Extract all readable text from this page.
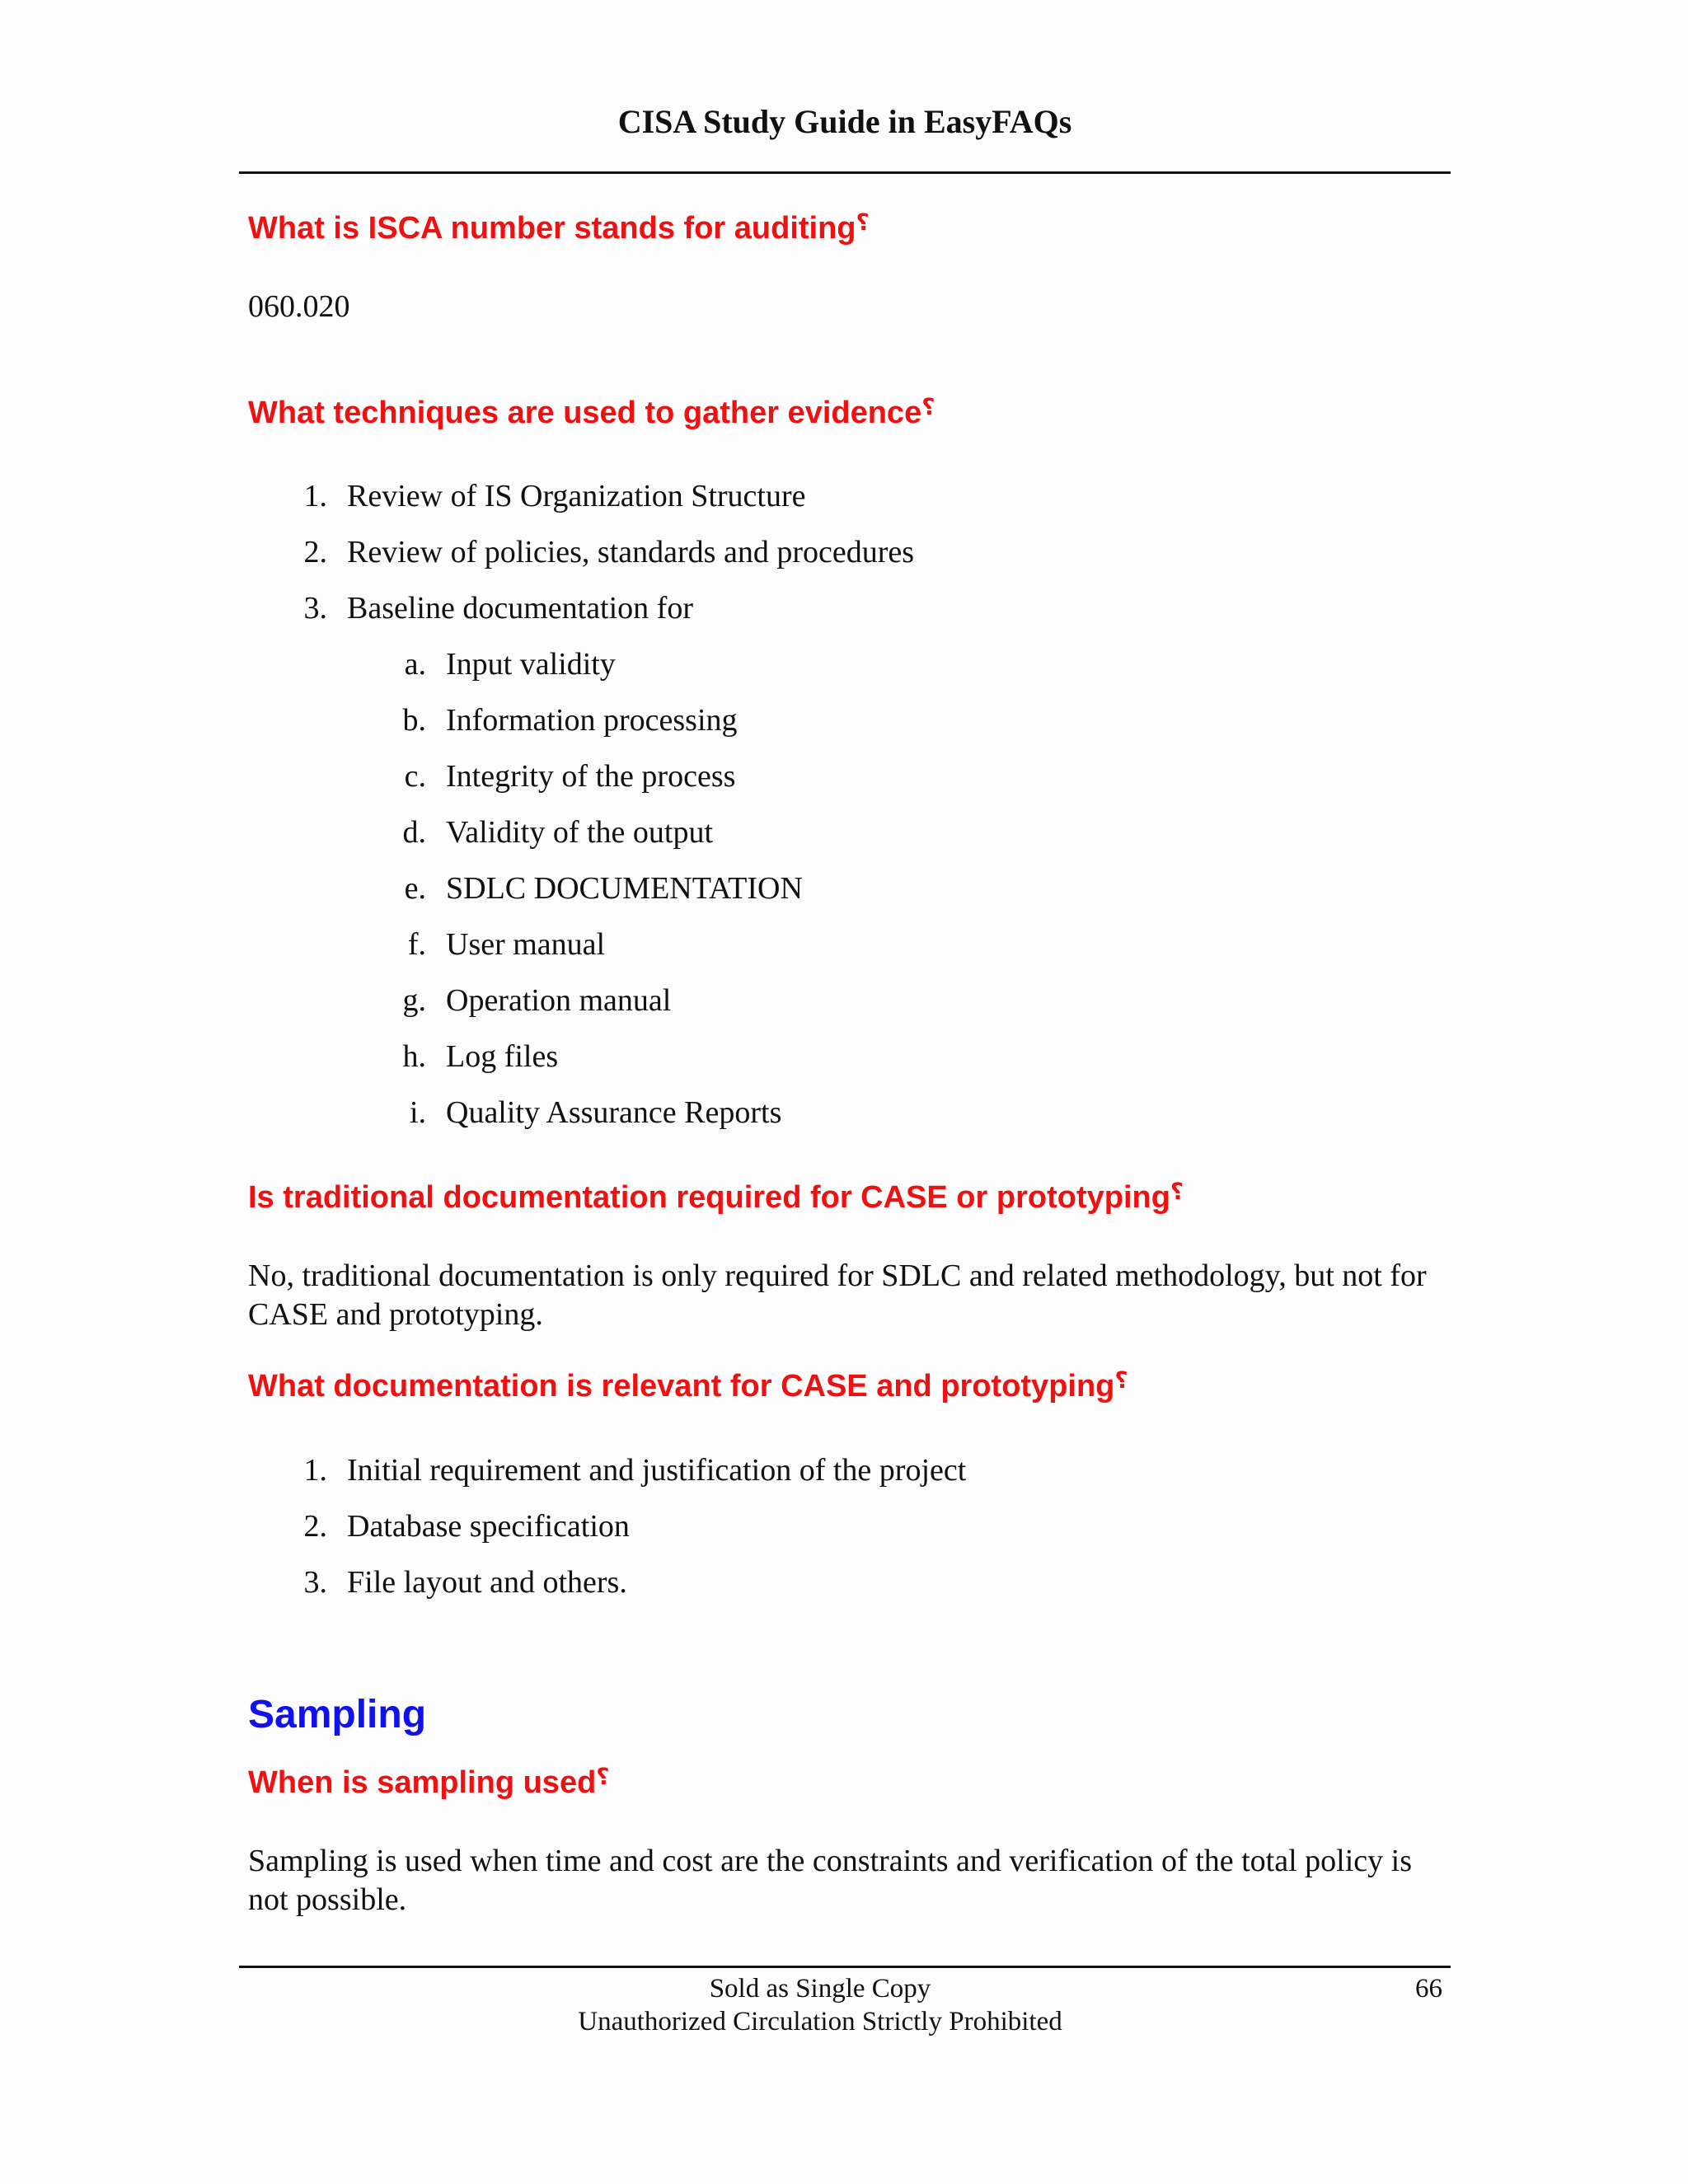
CISA Study Guide in EasyFAQs

What is ISCA number stands for auditing؟

060.020

What techniques are used to gather evidence؟

1. Review of IS Organization Structure
2. Review of policies, standards and procedures
3. Baseline documentation for
a. Input validity
b. Information processing
c. Integrity of the process
d. Validity of the output
e. SDLC DOCUMENTATION
f. User manual
g. Operation manual
h. Log files
i. Quality Assurance Reports

Is traditional documentation required for CASE or prototyping؟

No, traditional documentation is only required for SDLC and related methodology, but not for CASE and prototyping.

What documentation is relevant for CASE and prototyping؟

1. Initial requirement and justification of the project
2. Database specification
3. File layout and others.
Sampling

When is sampling used؟

Sampling is used when time and cost are the constraints and verification of the total policy is not possible.

Sold as Single Copy
Unauthorized Circulation Strictly Prohibited
66
